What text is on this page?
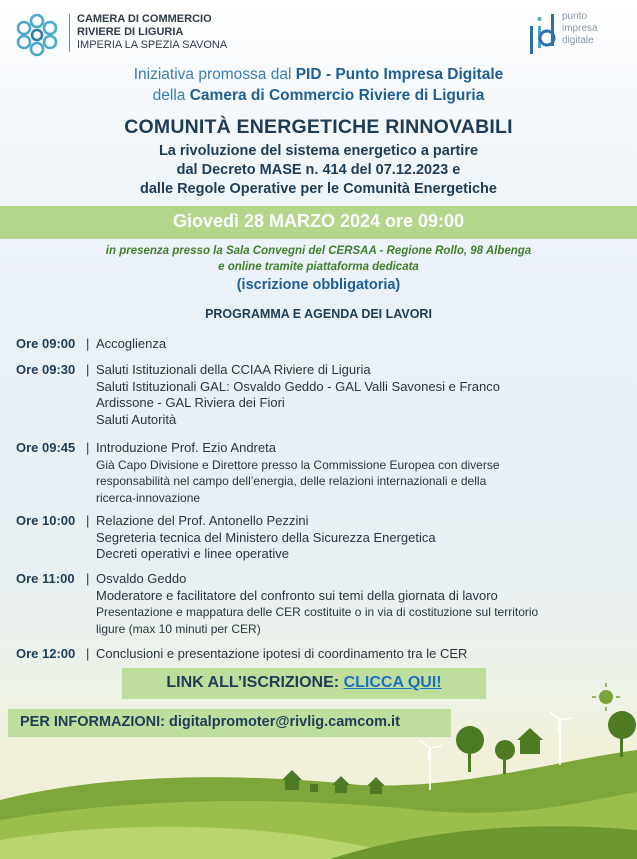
CAMERA DI COMMERCIO
RIVIERE DI LIGURIA
IMPERIA LA SPEZIA SAVONA
punto
impresa
digitale
Iniziativa promossa dal PID - Punto Impresa Digitale
della Camera di Commercio Riviere di Liguria
COMUNITÀ ENERGETICHE RINNOVABILI
La rivoluzione del sistema energetico a partire
dal Decreto MASE n. 414 del 07.12.2023 e
dalle Regole Operative per le Comunità Energetiche
Giovedì 28 MARZO 2024 ore 09:00
in presenza presso la Sala Convegni del CERSAA - Regione Rollo, 98 Albenga
e online tramite piattaforma dedicata
(iscrizione obbligatoria)
PROGRAMMA E AGENDA DEI LAVORI
Ore 09:00 | Accoglienza
Ore 09:30 | Saluti Istituzionali della CCIAA Riviere di Liguria
Saluti Istituzionali GAL: Osvaldo Geddo - GAL Valli Savonesi e Franco
Ardissone - GAL Riviera dei Fiori
Saluti Autorità
Ore 09:45 | Introduzione Prof. Ezio Andreta
Già Capo Divisione e Direttore presso la Commissione Europea con diverse
responsabilità nel campo dell’energia, delle relazioni internazionali e della
ricerca-innovazione
Ore 10:00 | Relazione del Prof. Antonello Pezzini
Segreteria tecnica del Ministero della Sicurezza Energetica
Decreti operativi e linee operative
Ore 11:00 | Osvaldo Geddo
Moderatore e facilitatore del confronto sui temi della giornata di lavoro
Presentazione e mappatura delle CER costituite o in via di costituzione sul territorio
ligure (max 10 minuti per CER)
Ore 12:00 | Conclusioni e presentazione ipotesi di coordinamento tra le CER
LINK ALL’ISCRIZIONE: CLICCA QUI!
PER INFORMAZIONI: digitalpromoter@rivlig.camcom.it
